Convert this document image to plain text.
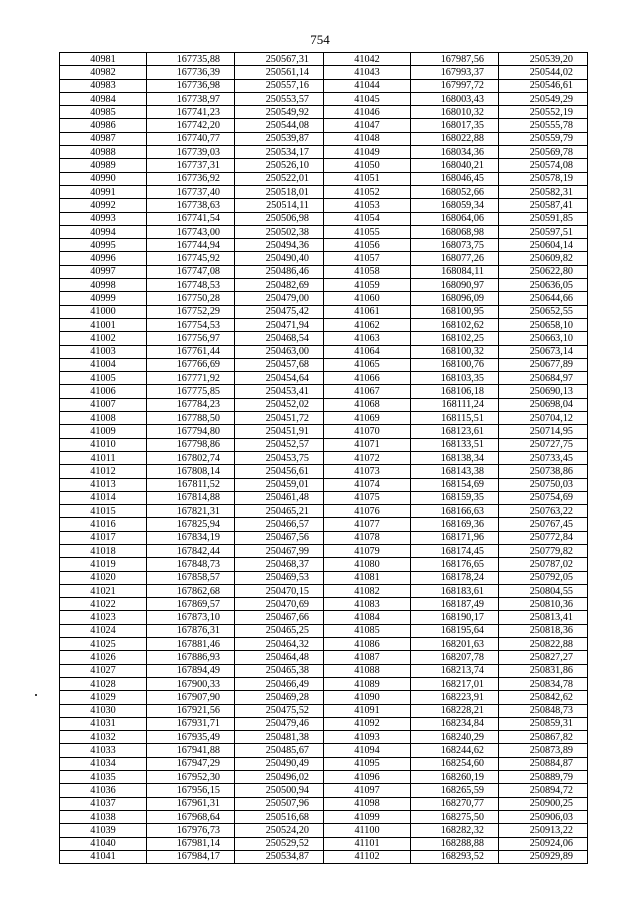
754
40981	167735,88	250567,31	41042	167987,56	250539,20
40982	167736,39	250561,14	41043	167993,37	250544,02
40983	167736,98	250557,16	41044	167997,72	250546,61
40984	167738,97	250553,57	41045	168003,43	250549,29
40985	167741,23	250549,92	41046	168010,32	250552,19
40986	167742,20	250544,08	41047	168017,35	250555,78
40987	167740,77	250539,87	41048	168022,88	250559,79
40988	167739,03	250534,17	41049	168034,36	250569,78
40989	167737,31	250526,10	41050	168040,21	250574,08
40990	167736,92	250522,01	41051	168046,45	250578,19
40991	167737,40	250518,01	41052	168052,66	250582,31
40992	167738,63	250514,11	41053	168059,34	250587,41
40993	167741,54	250506,98	41054	168064,06	250591,85
40994	167743,00	250502,38	41055	168068,98	250597,51
40995	167744,94	250494,36	41056	168073,75	250604,14
40996	167745,92	250490,40	41057	168077,26	250609,82
40997	167747,08	250486,46	41058	168084,11	250622,80
40998	167748,53	250482,69	41059	168090,97	250636,05
40999	167750,28	250479,00	41060	168096,09	250644,66
41000	167752,29	250475,42	41061	168100,95	250652,55
41001	167754,53	250471,94	41062	168102,62	250658,10
41002	167756,97	250468,54	41063	168102,25	250663,10
41003	167761,44	250463,00	41064	168100,32	250673,14
41004	167766,69	250457,68	41065	168100,76	250677,89
41005	167771,92	250454,64	41066	168103,35	250684,97
41006	167775,85	250453,41	41067	168106,18	250690,13
41007	167784,23	250452,02	41068	168111,24	250698,04
41008	167788,50	250451,72	41069	168115,51	250704,12
41009	167794,80	250451,91	41070	168123,61	250714,95
41010	167798,86	250452,57	41071	168133,51	250727,75
41011	167802,74	250453,75	41072	168138,34	250733,45
41012	167808,14	250456,61	41073	168143,38	250738,86
41013	167811,52	250459,01	41074	168154,69	250750,03
41014	167814,88	250461,48	41075	168159,35	250754,69
41015	167821,31	250465,21	41076	168166,63	250763,22
41016	167825,94	250466,57	41077	168169,36	250767,45
41017	167834,19	250467,56	41078	168171,96	250772,84
41018	167842,44	250467,99	41079	168174,45	250779,82
41019	167848,73	250468,37	41080	168176,65	250787,02
41020	167858,57	250469,53	41081	168178,24	250792,05
41021	167862,68	250470,15	41082	168183,61	250804,55
41022	167869,57	250470,69	41083	168187,49	250810,36
41023	167873,10	250467,66	41084	168190,17	250813,41
41024	167876,31	250465,25	41085	168195,64	250818,36
41025	167881,46	250464,32	41086	168201,63	250822,88
41026	167886,93	250464,48	41087	168207,78	250827,27
41027	167894,49	250465,38	41088	168213,74	250831,86
41028	167900,33	250466,49	41089	168217,01	250834,78
41029	167907,90	250469,28	41090	168223,91	250842,62
41030	167921,56	250475,52	41091	168228,21	250848,73
41031	167931,71	250479,46	41092	168234,84	250859,31
41032	167935,49	250481,38	41093	168240,29	250867,82
41033	167941,88	250485,67	41094	168244,62	250873,89
41034	167947,29	250490,49	41095	168254,60	250884,87
41035	167952,30	250496,02	41096	168260,19	250889,79
41036	167956,15	250500,94	41097	168265,59	250894,72
41037	167961,31	250507,96	41098	168270,77	250900,25
41038	167968,64	250516,68	41099	168275,50	250906,03
41039	167976,73	250524,20	41100	168282,32	250913,22
41040	167981,14	250529,52	41101	168288,88	250924,06
41041	167984,17	250534,87	41102	168293,52	250929,89
